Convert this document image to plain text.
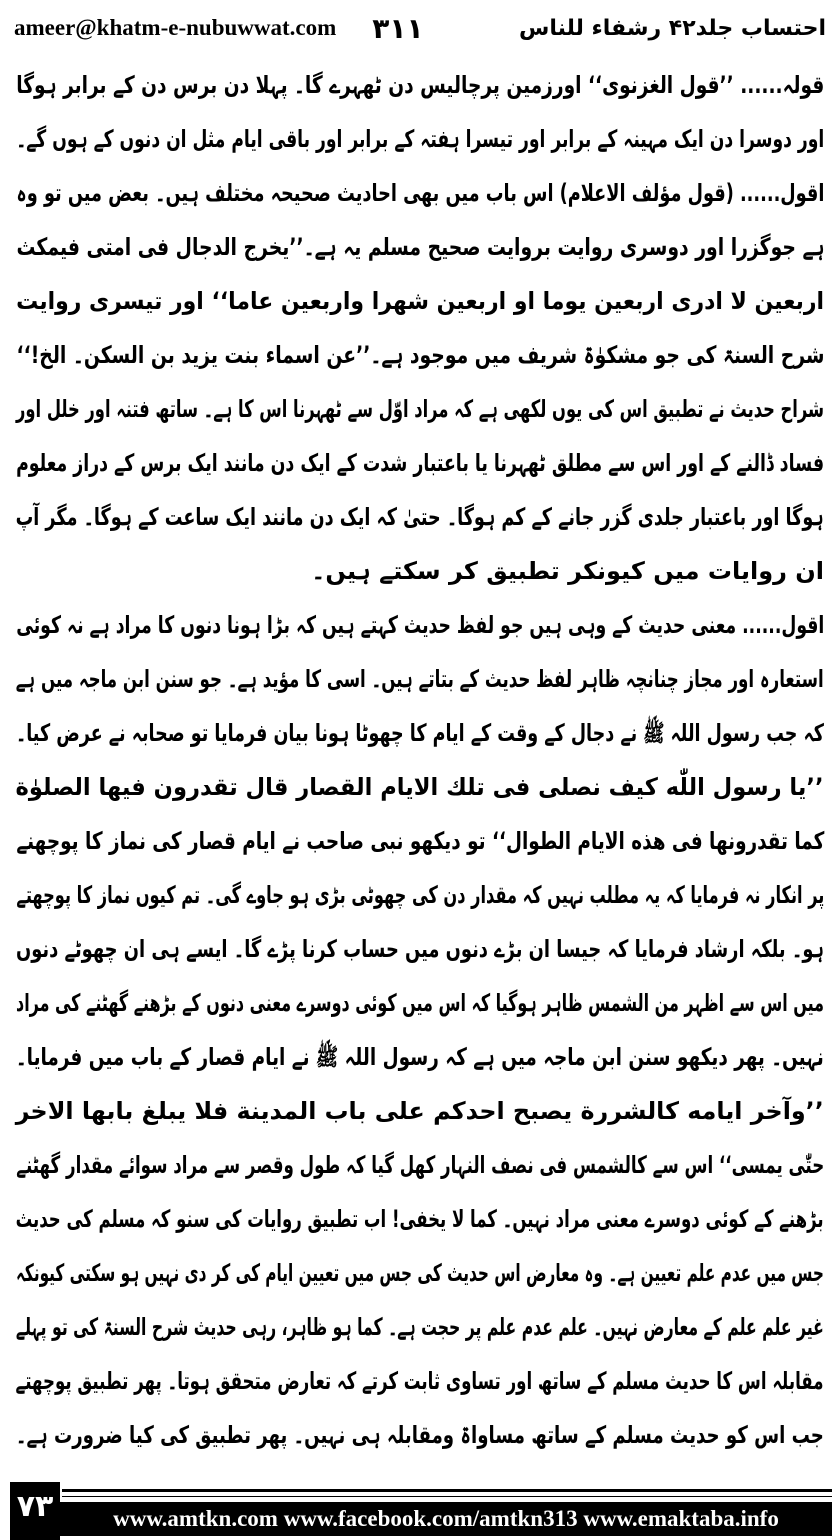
ameer@khatm-e-nubuwwat.com ۳۱۱	احتساب جلد۴۲ رشفاء للناس
قولہ...... ’’قول الغزنوی‘‘ اورزمین پرچالیس دن ٹھہرے گا۔ پہلا دن برس دن کے برابر ہوگا
اور دوسرا دن ایک مہینہ کے برابر اور تیسرا ہفتہ کے برابر اور باقی ایام مثل ان دنوں کے ہوں گے۔
اقول...... (قول مؤلف الاعلام) اس باب میں بھی احادیث صحیحہ مختلف ہیں۔ بعض میں تو وہ
ہے جوگزرا اور دوسری روایت بروایت صحیح مسلم یہ ہے۔’’یخرج الدجال فی امتی فیمکث
اربعین لا ادری اربعین یوما او اربعین شهرا واربعین عاما‘‘ اور تیسری روایت
شرح السنۃ کی جو مشکوٰۃ شریف میں موجود ہے۔’’عن اسماء بنت یزید بن السکن۔ الخ!‘‘
شراح حدیث نے تطبیق اس کی یوں لکھی ہے کہ مراد اوّل سے ٹھہرنا اس کا ہے۔ ساتھ فتنہ اور خلل اور
فساد ڈالنے کے اور اس سے مطلق ٹھہرنا یا باعتبار شدت کے ایک دن مانند ایک برس کے دراز معلوم
ہوگا اور باعتبار جلدی گزر جانے کے کم ہوگا۔ حتیٰ کہ ایک دن مانند ایک ساعت کے ہوگا۔ مگر آپ
ان روایات میں کیونکر تطبیق کر سکتے ہیں۔
اقول...... معنی حدیث کے وہی ہیں جو لفظ حدیث کہتے ہیں کہ بڑا ہونا دنوں کا مراد ہے نہ کوئی
استعارہ اور مجاز چنانچہ ظاہر لفظ حدیث کے بتاتے ہیں۔ اسی کا مؤید ہے۔ جو سنن ابن ماجہ میں ہے
کہ جب رسول اللہ ﷺ نے دجال کے وقت کے ایام کا چھوٹا ہونا بیان فرمایا تو صحابہ نے عرض کیا۔
’’یا رسول اللّٰه کیف نصلی فی تلك الایام القصار قال تقدرون فیها الصلوٰة
کما تقدرونها فی هذه الایام الطوال‘‘ تو دیکھو نبی صاحب نے ایام قصار کی نماز کا پوچھنے
پر انکار نہ فرمایا کہ یہ مطلب نہیں کہ مقدار دن کی چھوٹی بڑی ہو جاوے گی۔ تم کیوں نماز کا پوچھتے
ہو۔ بلکہ ارشاد فرمایا کہ جیسا ان بڑے دنوں میں حساب کرنا پڑے گا۔ ایسے ہی ان چھوٹے دنوں
میں اس سے اظہر من الشمس ظاہر ہوگیا کہ اس میں کوئی دوسرے معنی دنوں کے بڑھنے گھٹنے کی مراد
نہیں۔ پھر دیکھو سنن ابن ماجہ میں ہے کہ رسول اللہ ﷺ نے ایام قصار کے باب میں فرمایا۔
’’وآخر ایامه کالشررة یصبح احدکم علی باب المدینة فلا یبلغ بابها الاخر
حتّٰی یمسی‘‘ اس سے کالشمس فی نصف النہار کھل گیا کہ طول وقصر سے مراد سوائے مقدار گھٹنے
بڑھنے کے کوئی دوسرے معنی مراد نہیں۔ کما لا یخفی! اب تطبیق روایات کی سنو کہ مسلم کی حدیث
جس میں عدم علم تعیین ہے۔ وہ معارض اس حدیث کی جس میں تعیین ایام کی کر دی نہیں ہو سکتی کیونکہ
غیر علم علم کے معارض نہیں۔ علم عدم علم پر حجت ہے۔ کما ہو ظاہر، رہی حدیث شرح السنۃ کی تو پہلے
مقابلہ اس کا حدیث مسلم کے ساتھ اور تساوی ثابت کرتے کہ تعارض متحقق ہوتا۔ پھر تطبیق پوچھتے
جب اس کو حدیث مسلم کے ساتھ مساواۃ ومقابلہ ہی نہیں۔ پھر تطبیق کی کیا ضرورت ہے۔
۷۳	www.amtkn.com www.facebook.com/amtkn313 www.emaktaba.info
